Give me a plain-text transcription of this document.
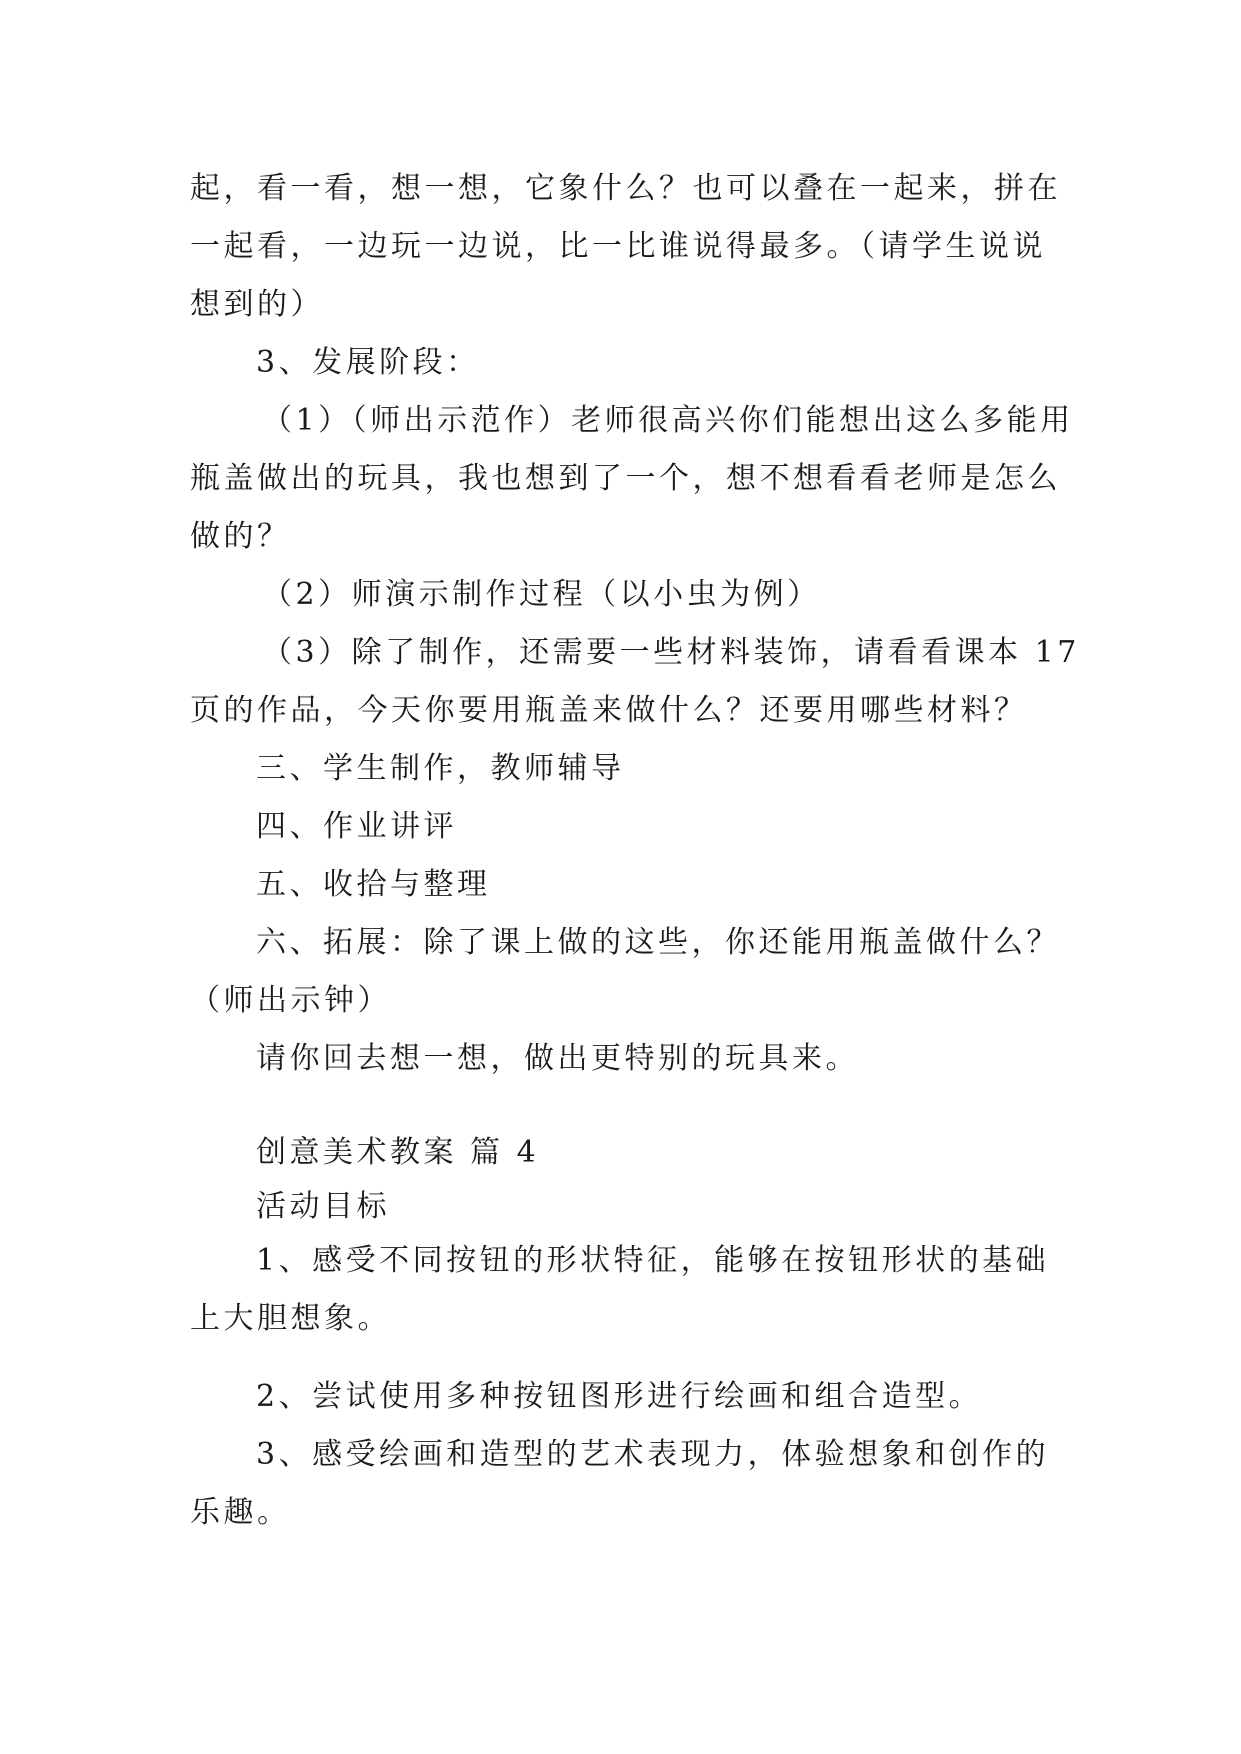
起，看一看，想一想，它象什么？也可以叠在一起来，拼在
一起看，一边玩一边说，比一比谁说得最多。（请学生说说
想到的）
3、发展阶段：
（1）（师出示范作）老师很高兴你们能想出这么多能用
瓶盖做出的玩具，我也想到了一个，想不想看看老师是怎么
做的？
（2）师演示制作过程（以小虫为例）
（3）除了制作，还需要一些材料装饰，请看看课本 17
页的作品，今天你要用瓶盖来做什么？还要用哪些材料？
三、学生制作，教师辅导
四、作业讲评
五、收拾与整理
六、拓展：除了课上做的这些，你还能用瓶盖做什么？
（师出示钟）
请你回去想一想，做出更特别的玩具来。
创意美术教案 篇 4
活动目标
1、感受不同按钮的形状特征，能够在按钮形状的基础
上大胆想象。
2、尝试使用多种按钮图形进行绘画和组合造型。
3、感受绘画和造型的艺术表现力，体验想象和创作的
乐趣。
